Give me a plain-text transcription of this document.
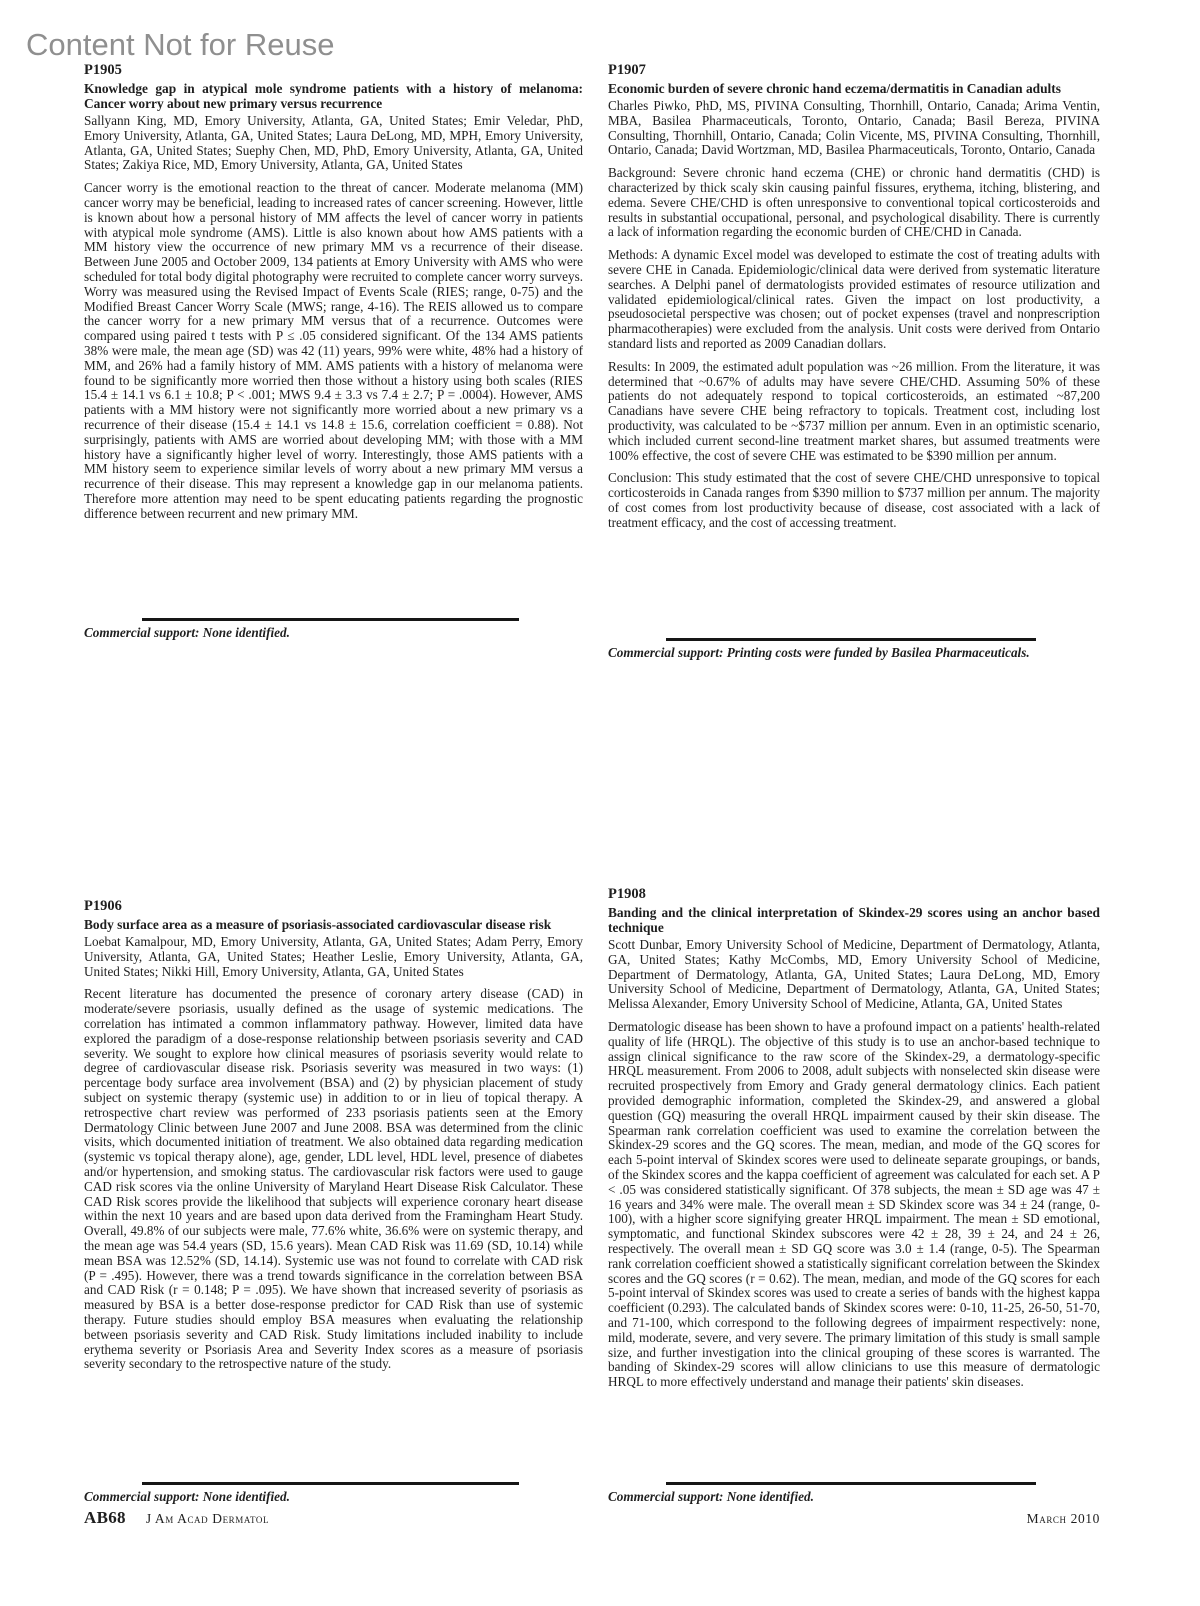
Content Not for Reuse
P1905
Knowledge gap in atypical mole syndrome patients with a history of melanoma: Cancer worry about new primary versus recurrence

Sallyann King, MD, Emory University, Atlanta, GA, United States; Emir Veledar, PhD, Emory University, Atlanta, GA, United States; Laura DeLong, MD, MPH, Emory University, Atlanta, GA, United States; Suephy Chen, MD, PhD, Emory University, Atlanta, GA, United States; Zakiya Rice, MD, Emory University, Atlanta, GA, United States

Cancer worry is the emotional reaction to the threat of cancer. Moderate melanoma (MM) cancer worry may be beneficial, leading to increased rates of cancer screening. However, little is known about how a personal history of MM affects the level of cancer worry in patients with atypical mole syndrome (AMS). Little is also known about how AMS patients with a MM history view the occurrence of new primary MM vs a recurrence of their disease. Between June 2005 and October 2009, 134 patients at Emory University with AMS who were scheduled for total body digital photography were recruited to complete cancer worry surveys. Worry was measured using the Revised Impact of Events Scale (RIES; range, 0-75) and the Modified Breast Cancer Worry Scale (MWS; range, 4-16). The REIS allowed us to compare the cancer worry for a new primary MM versus that of a recurrence. Outcomes were compared using paired t tests with P ≤ .05 considered significant. Of the 134 AMS patients 38% were male, the mean age (SD) was 42 (11) years, 99% were white, 48% had a history of MM, and 26% had a family history of MM. AMS patients with a history of melanoma were found to be significantly more worried then those without a history using both scales (RIES 15.4 ± 14.1 vs 6.1 ± 10.8; P < .001; MWS 9.4 ± 3.3 vs 7.4 ± 2.7; P = .0004). However, AMS patients with a MM history were not significantly more worried about a new primary vs a recurrence of their disease (15.4 ± 14.1 vs 14.8 ± 15.6, correlation coefficient = 0.88). Not surprisingly, patients with AMS are worried about developing MM; with those with a MM history have a significantly higher level of worry. Interestingly, those AMS patients with a MM history seem to experience similar levels of worry about a new primary MM versus a recurrence of their disease. This may represent a knowledge gap in our melanoma patients. Therefore more attention may need to be spent educating patients regarding the prognostic difference between recurrent and new primary MM.

Commercial support: None identified.

P1906
Body surface area as a measure of psoriasis-associated cardiovascular disease risk

Loebat Kamalpour, MD, Emory University, Atlanta, GA, United States; Adam Perry, Emory University, Atlanta, GA, United States; Heather Leslie, Emory University, Atlanta, GA, United States; Nikki Hill, Emory University, Atlanta, GA, United States

Recent literature has documented the presence of coronary artery disease (CAD) in moderate/severe psoriasis, usually defined as the usage of systemic medications. The correlation has intimated a common inflammatory pathway. However, limited data have explored the paradigm of a dose-response relationship between psoriasis severity and CAD severity. We sought to explore how clinical measures of psoriasis severity would relate to degree of cardiovascular disease risk. Psoriasis severity was measured in two ways: (1) percentage body surface area involvement (BSA) and (2) by physician placement of study subject on systemic therapy (systemic use) in addition to or in lieu of topical therapy. A retrospective chart review was performed of 233 psoriasis patients seen at the Emory Dermatology Clinic between June 2007 and June 2008. BSA was determined from the clinic visits, which documented initiation of treatment. We also obtained data regarding medication (systemic vs topical therapy alone), age, gender, LDL level, HDL level, presence of diabetes and/or hypertension, and smoking status. The cardiovascular risk factors were used to gauge CAD risk scores via the online University of Maryland Heart Disease Risk Calculator. These CAD Risk scores provide the likelihood that subjects will experience coronary heart disease within the next 10 years and are based upon data derived from the Framingham Heart Study. Overall, 49.8% of our subjects were male, 77.6% white, 36.6% were on systemic therapy, and the mean age was 54.4 years (SD, 15.6 years). Mean CAD Risk was 11.69 (SD, 10.14) while mean BSA was 12.52% (SD, 14.14). Systemic use was not found to correlate with CAD risk (P = .495). However, there was a trend towards significance in the correlation between BSA and CAD Risk (r = 0.148; P = .095). We have shown that increased severity of psoriasis as measured by BSA is a better dose-response predictor for CAD Risk than use of systemic therapy. Future studies should employ BSA measures when evaluating the relationship between psoriasis severity and CAD Risk. Study limitations included inability to include erythema severity or Psoriasis Area and Severity Index scores as a measure of psoriasis severity secondary to the retrospective nature of the study.

Commercial support: None identified.

P1907
Economic burden of severe chronic hand eczema/dermatitis in Canadian adults

Charles Piwko, PhD, MS, PIVINA Consulting, Thornhill, Ontario, Canada; Arima Ventin, MBA, Basilea Pharmaceuticals, Toronto, Ontario, Canada; Basil Bereza, PIVINA Consulting, Thornhill, Ontario, Canada; Colin Vicente, MS, PIVINA Consulting, Thornhill, Ontario, Canada; David Wortzman, MD, Basilea Pharmaceuticals, Toronto, Ontario, Canada

Background: Severe chronic hand eczema (CHE) or chronic hand dermatitis (CHD) is characterized by thick scaly skin causing painful fissures, erythema, itching, blistering, and edema. Severe CHE/CHD is often unresponsive to conventional topical corticosteroids and results in substantial occupational, personal, and psychological disability. There is currently a lack of information regarding the economic burden of CHE/CHD in Canada.

Methods: A dynamic Excel model was developed to estimate the cost of treating adults with severe CHE in Canada. Epidemiologic/clinical data were derived from systematic literature searches. A Delphi panel of dermatologists provided estimates of resource utilization and validated epidemiological/clinical rates. Given the impact on lost productivity, a pseudosocietal perspective was chosen; out of pocket expenses (travel and nonprescription pharmacotherapies) were excluded from the analysis. Unit costs were derived from Ontario standard lists and reported as 2009 Canadian dollars.

Results: In 2009, the estimated adult population was ~26 million. From the literature, it was determined that ~0.67% of adults may have severe CHE/CHD. Assuming 50% of these patients do not adequately respond to topical corticosteroids, an estimated ~87,200 Canadians have severe CHE being refractory to topicals. Treatment cost, including lost productivity, was calculated to be ~$737 million per annum. Even in an optimistic scenario, which included current second-line treatment market shares, but assumed treatments were 100% effective, the cost of severe CHE was estimated to be $390 million per annum.

Conclusion: This study estimated that the cost of severe CHE/CHD unresponsive to topical corticosteroids in Canada ranges from $390 million to $737 million per annum. The majority of cost comes from lost productivity because of disease, cost associated with a lack of treatment efficacy, and the cost of accessing treatment.

Commercial support: Printing costs were funded by Basilea Pharmaceuticals.

P1908
Banding and the clinical interpretation of Skindex-29 scores using an anchor based technique

Scott Dunbar, Emory University School of Medicine, Department of Dermatology, Atlanta, GA, United States; Kathy McCombs, MD, Emory University School of Medicine, Department of Dermatology, Atlanta, GA, United States; Laura DeLong, MD, Emory University School of Medicine, Department of Dermatology, Atlanta, GA, United States; Melissa Alexander, Emory University School of Medicine, Atlanta, GA, United States

Dermatologic disease has been shown to have a profound impact on a patients' health-related quality of life (HRQL). The objective of this study is to use an anchor-based technique to assign clinical significance to the raw score of the Skindex-29, a dermatology-specific HRQL measurement. From 2006 to 2008, adult subjects with nonselected skin disease were recruited prospectively from Emory and Grady general dermatology clinics. Each patient provided demographic information, completed the Skindex-29, and answered a global question (GQ) measuring the overall HRQL impairment caused by their skin disease. The Spearman rank correlation coefficient was used to examine the correlation between the Skindex-29 scores and the GQ scores. The mean, median, and mode of the GQ scores for each 5-point interval of Skindex scores were used to delineate separate groupings, or bands, of the Skindex scores and the kappa coefficient of agreement was calculated for each set. A P < .05 was considered statistically significant. Of 378 subjects, the mean ± SD age was 47 ± 16 years and 34% were male. The overall mean ± SD Skindex score was 34 ± 24 (range, 0-100), with a higher score signifying greater HRQL impairment. The mean ± SD emotional, symptomatic, and functional Skindex subscores were 42 ± 28, 39 ± 24, and 24 ± 26, respectively. The overall mean ± SD GQ score was 3.0 ± 1.4 (range, 0-5). The Spearman rank correlation coefficient showed a statistically significant correlation between the Skindex scores and the GQ scores (r = 0.62). The mean, median, and mode of the GQ scores for each 5-point interval of Skindex scores was used to create a series of bands with the highest kappa coefficient (0.293). The calculated bands of Skindex scores were: 0-10, 11-25, 26-50, 51-70, and 71-100, which correspond to the following degrees of impairment respectively: none, mild, moderate, severe, and very severe. The primary limitation of this study is small sample size, and further investigation into the clinical grouping of these scores is warranted. The banding of Skindex-29 scores will allow clinicians to use this measure of dermatologic HRQL to more effectively understand and manage their patients' skin diseases.

Commercial support: None identified.

AB68 J Am Acad Dermatol	March 2010
